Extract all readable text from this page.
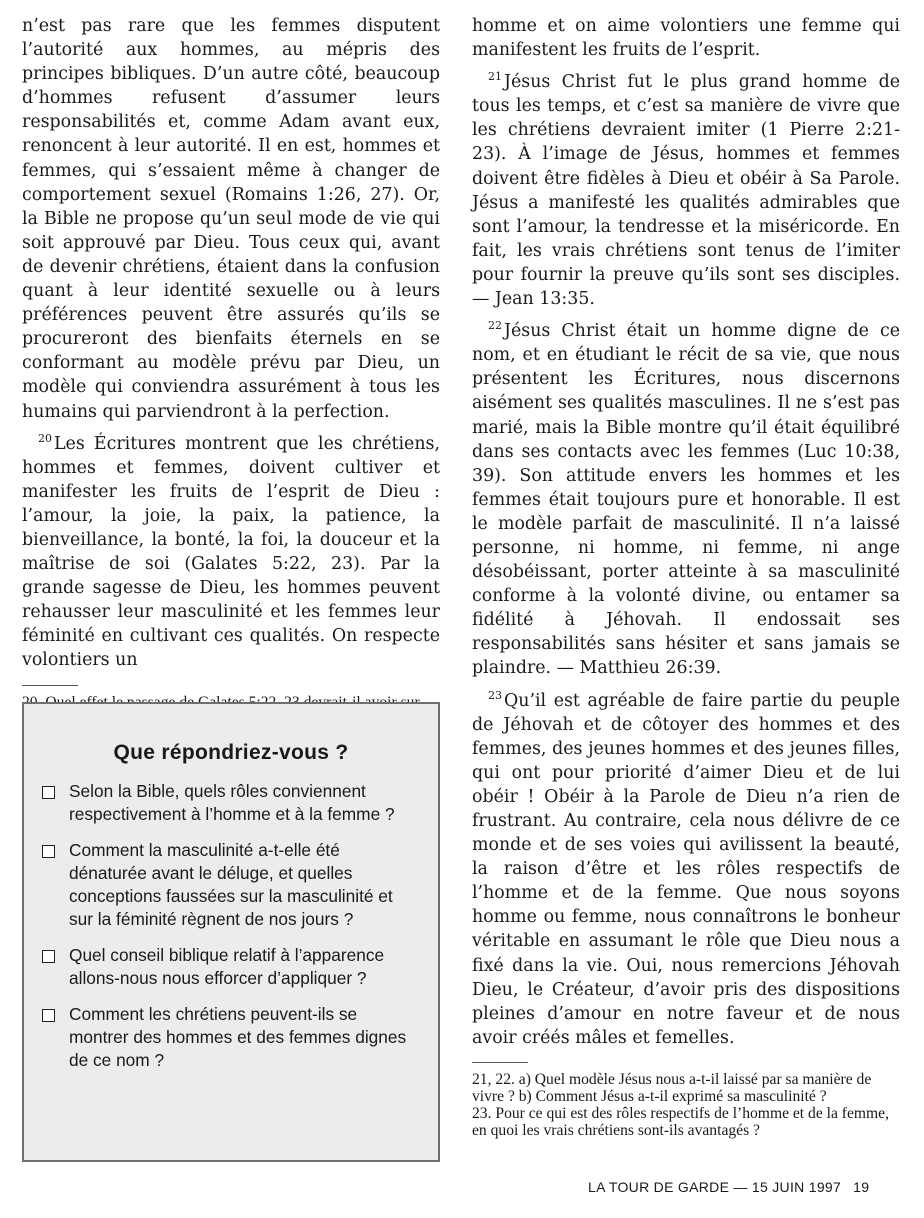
n’est pas rare que les femmes disputent l’autorité aux hommes, au mépris des principes bibliques. D’un autre côté, beaucoup d’hommes refusent d’assumer leurs responsabilités et, comme Adam avant eux, renoncent à leur autorité. Il en est, hommes et femmes, qui s’essaient même à changer de comportement sexuel (Romains 1:26, 27). Or, la Bible ne propose qu’un seul mode de vie qui soit approuvé par Dieu. Tous ceux qui, avant de devenir chrétiens, étaient dans la confusion quant à leur identité sexuelle ou à leurs préférences peuvent être assurés qu’ils se procureront des bienfaits éternels en se conformant au modèle prévu par Dieu, un modèle qui conviendra assurément à tous les humains qui parviendront à la perfection.

$^{20}$ Les Écritures montrent que les chrétiens, hommes et femmes, doivent cultiver et manifester les fruits de l’esprit de Dieu : l’amour, la joie, la paix, la patience, la bienveillance, la bonté, la foi, la douceur et la maîtrise de soi (Galates 5:22, 23). Par la grande sagesse de Dieu, les hommes peuvent rehausser leur masculinité et les femmes leur féminité en cultivant ces qualités. On respecte volontiers un

Que répondriez-vous ?
Selon la Bible, quels rôles conviennent respectivement à l’homme et à la femme ?
Comment la masculinité a-t-elle été dénaturée avant le déluge, et quelles conceptions faussées sur la masculinité et sur la féminité règnent de nos jours ?
Quel conseil biblique relatif à l’apparence allons-nous nous efforcer d’appliquer ?
Comment les chrétiens peuvent-ils se montrer des hommes et des femmes dignes de ce nom ?

homme et on aime volontiers une femme qui manifestent les fruits de l’esprit.

$^{21}$ Jésus Christ fut le plus grand homme de tous les temps, et c’est sa manière de vivre que les chrétiens devraient imiter (1 Pierre 2:21-23). À l’image de Jésus, hommes et femmes doivent être fidèles à Dieu et obéir à Sa Parole. Jésus a manifesté les qualités admirables que sont l’amour, la tendresse et la miséricorde. En fait, les vrais chrétiens sont tenus de l’imiter pour fournir la preuve qu’ils sont ses disciples. — Jean 13:35.

$^{22}$ Jésus Christ était un homme digne de ce nom, et en étudiant le récit de sa vie, que nous présentent les Écritures, nous discernons aisément ses qualités masculines. Il ne s’est pas marié, mais la Bible montre qu’il était équilibré dans ses contacts avec les femmes (Luc 10:38, 39). Son attitude envers les hommes et les femmes était toujours pure et honorable. Il est le modèle parfait de masculinité. Il n’a laissé personne, ni homme, ni femme, ni ange désobéissant, porter atteinte à sa masculinité conforme à la volonté divine, ou entamer sa fidélité à Jéhovah. Il endossait ses responsabilités sans hésiter et sans jamais se plaindre. — Matthieu 26:39.

$^{23}$ Qu’il est agréable de faire partie du peuple de Jéhovah et de côtoyer des hommes et des femmes, des jeunes hommes et des jeunes filles, qui ont pour priorité d’aimer Dieu et de lui obéir ! Obéir à la Parole de Dieu n’a rien de frustrant. Au contraire, cela nous délivre de ce monde et de ses voies qui avilissent la beauté, la raison d’être et les rôles respectifs de l’homme et de la femme. Que nous soyons homme ou femme, nous connaîtrons le bonheur véritable en assumant le rôle que Dieu nous a fixé dans la vie. Oui, nous remercions Jéhovah Dieu, le Créateur, d’avoir pris des dispositions pleines d’amour en notre faveur et de nous avoir créés mâles et femelles.

21, 22. a) Quel modèle Jésus nous a-t-il laissé par sa manière de vivre ? b) Comment Jésus a-t-il exprimé sa masculinité ?

23. Pour ce qui est des rôles respectifs de l’homme et de la femme, en quoi les vrais chrétiens sont-ils avantagés ?

LA TOUR DE GARDE — 15 JUIN 1997 19
